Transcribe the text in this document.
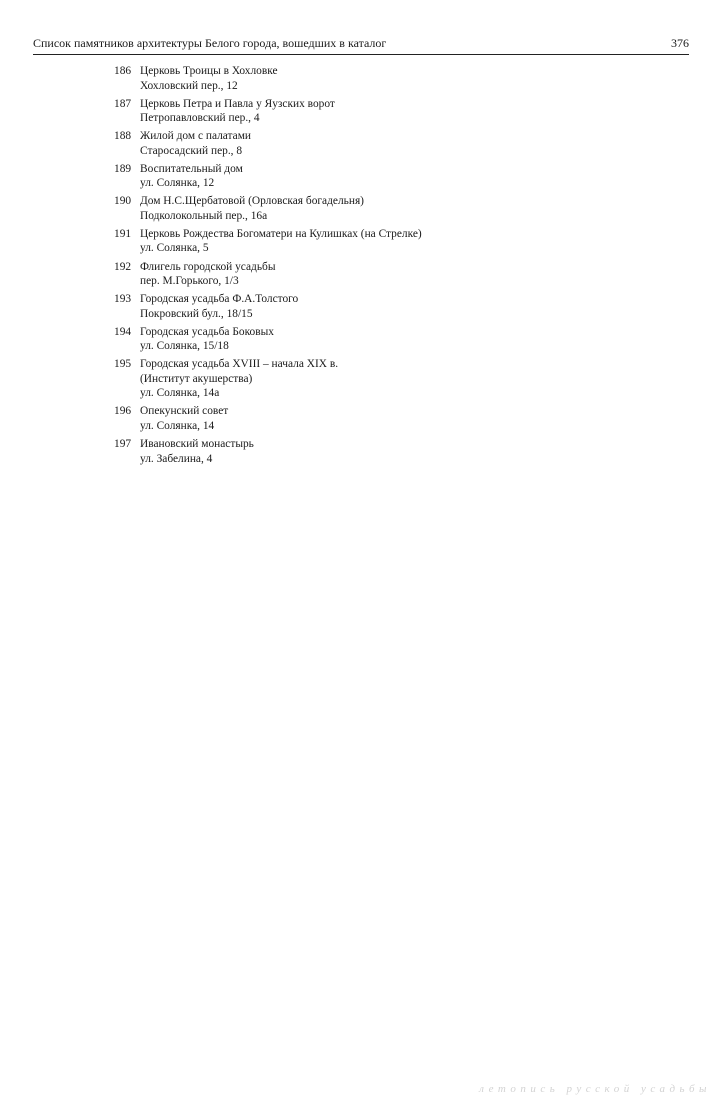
Список памятников архитектуры Белого города, вошедших в каталог	376
186 Церковь Троицы в Хохловке
Хохловский пер., 12
187 Церковь Петра и Павла у Яузских ворот
Петропавловский пер., 4
188 Жилой дом с палатами
Старосадский пер., 8
189 Воспитательный дом
ул. Солянка, 12
190 Дом Н.С.Щербатовой (Орловская богадельня)
Подколокольный пер., 16а
191 Церковь Рождества Богоматери на Кулишках (на Стрелке)
ул. Солянка, 5
192 Флигель городской усадьбы
пер. М.Горького, 1/3
193 Городская усадьба Ф.А.Толстого
Покровский бул., 18/15
194 Городская усадьба Боковых
ул. Солянка, 15/18
195 Городская усадьба XVIII – начала XIX в.
(Институт акушерства)
ул. Солянка, 14а
196 Опекунский совет
ул. Солянка, 14
197 Ивановский монастырь
ул. Забелина, 4
летопись русской усадьбы
